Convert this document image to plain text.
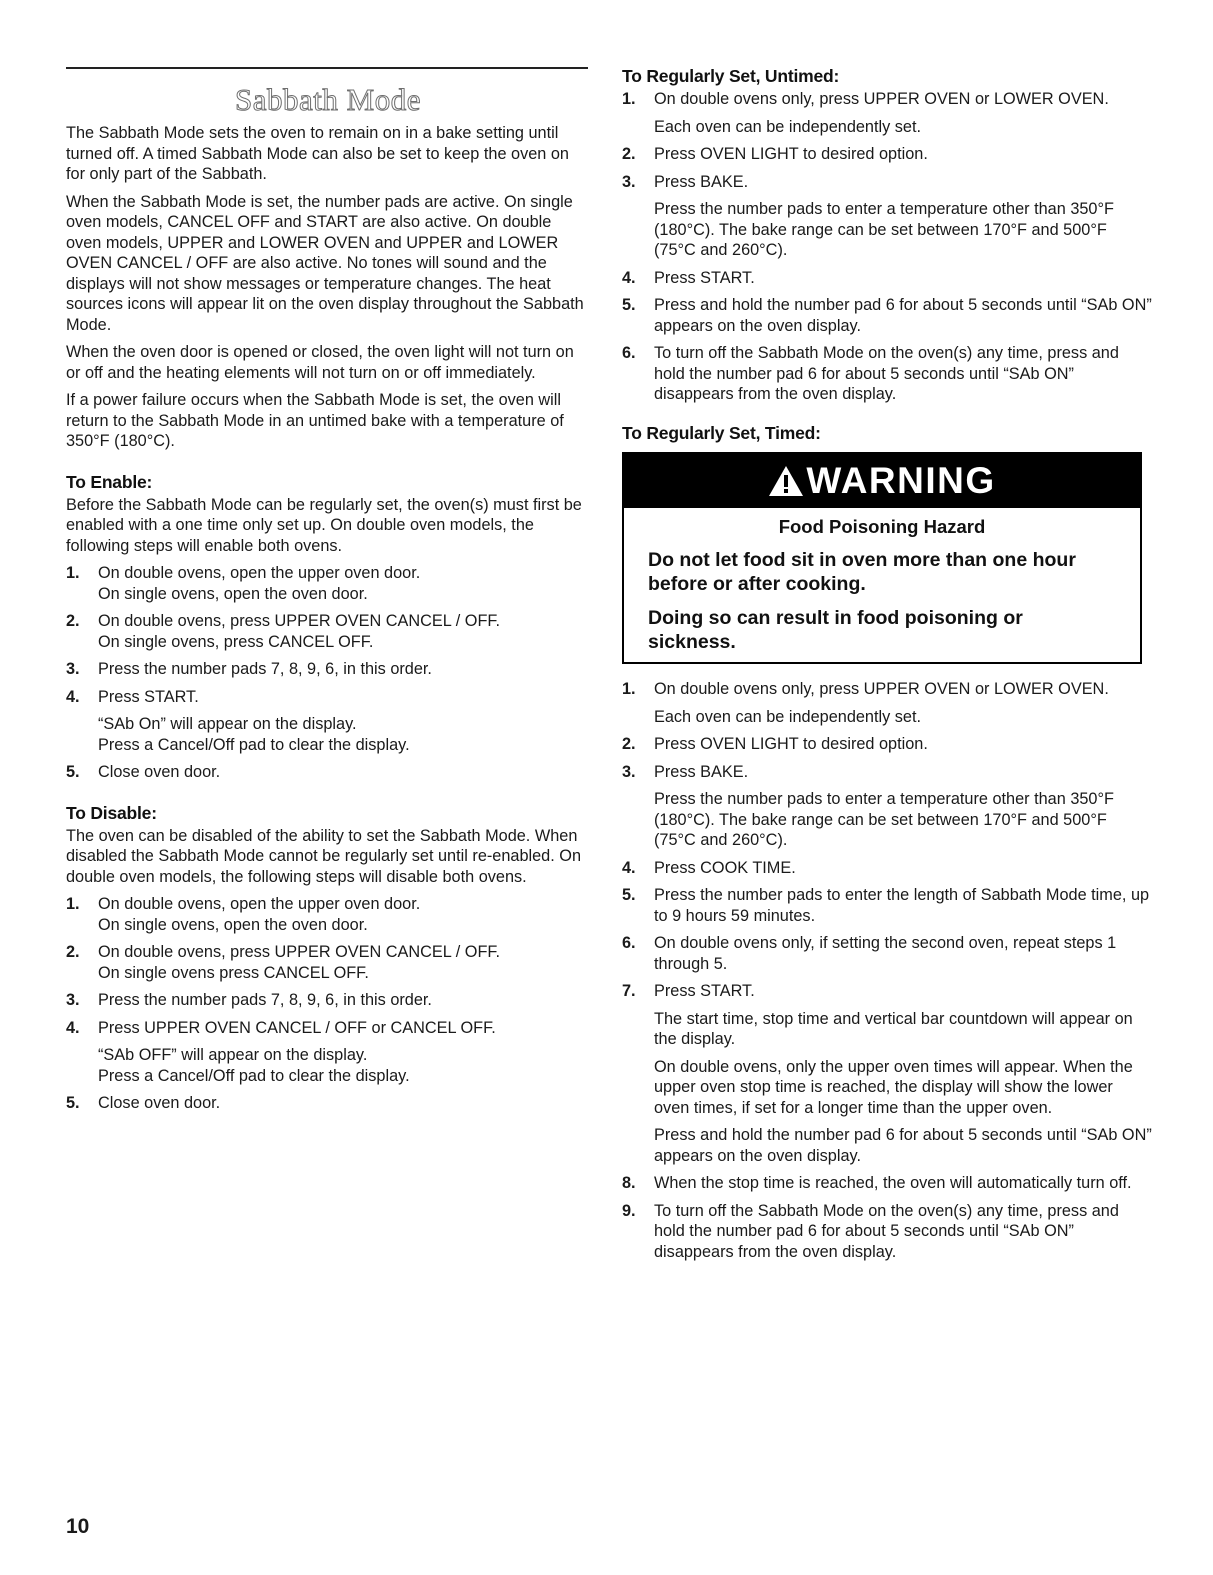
Sabbath Mode

The Sabbath Mode sets the oven to remain on in a bake setting until turned off. A timed Sabbath Mode can also be set to keep the oven on for only part of the Sabbath.

When the Sabbath Mode is set, the number pads are active. On single oven models, CANCEL OFF and START are also active. On double oven models, UPPER and LOWER OVEN and UPPER and LOWER OVEN CANCEL / OFF are also active. No tones will sound and the displays will not show messages or temperature changes. The heat sources icons will appear lit on the oven display throughout the Sabbath Mode.

When the oven door is opened or closed, the oven light will not turn on or off and the heating elements will not turn on or off immediately.

If a power failure occurs when the Sabbath Mode is set, the oven will return to the Sabbath Mode in an untimed bake with a temperature of 350°F (180°C).

To Enable:

Before the Sabbath Mode can be regularly set, the oven(s) must first be enabled with a one time only set up. On double oven models, the following steps will enable both ovens.

1. On double ovens, open the upper oven door.
On single ovens, open the oven door.
2. On double ovens, press UPPER OVEN CANCEL / OFF.
On single ovens, press CANCEL OFF.
3. Press the number pads 7, 8, 9, 6, in this order.
4. Press START.
“SAb On” will appear on the display.
Press a Cancel/Off pad to clear the display.
5. Close oven door.
To Disable:

The oven can be disabled of the ability to set the Sabbath Mode. When disabled the Sabbath Mode cannot be regularly set until re-enabled. On double oven models, the following steps will disable both ovens.

1. On double ovens, open the upper oven door.
On single ovens, open the oven door.
2. On double ovens, press UPPER OVEN CANCEL / OFF.
On single ovens press CANCEL OFF.
3. Press the number pads 7, 8, 9, 6, in this order.
4. Press UPPER OVEN CANCEL / OFF or CANCEL OFF.
“SAb OFF” will appear on the display.
Press a Cancel/Off pad to clear the display.
5. Close oven door.
To Regularly Set, Untimed:
1. On double ovens only, press UPPER OVEN or LOWER OVEN.
Each oven can be independently set.
2. Press OVEN LIGHT to desired option.
3. Press BAKE.
Press the number pads to enter a temperature other than 350°F (180°C). The bake range can be set between 170°F and 500°F (75°C and 260°C).
4. Press START.
5. Press and hold the number pad 6 for about 5 seconds until “SAb ON” appears on the oven display.
6. To turn off the Sabbath Mode on the oven(s) any time, press and hold the number pad 6 for about 5 seconds until “SAb ON” disappears from the oven display.
To Regularly Set, Timed:
WARNING
Food Poisoning Hazard

Do not let food sit in oven more than one hour before or after cooking.

Doing so can result in food poisoning or sickness.

1. On double ovens only, press UPPER OVEN or LOWER OVEN.
Each oven can be independently set.
2. Press OVEN LIGHT to desired option.
3. Press BAKE.
Press the number pads to enter a temperature other than 350°F (180°C). The bake range can be set between 170°F and 500°F (75°C and 260°C).
4. Press COOK TIME.
5. Press the number pads to enter the length of Sabbath Mode time, up to 9 hours 59 minutes.
6. On double ovens only, if setting the second oven, repeat steps 1 through 5.
7. Press START.
The start time, stop time and vertical bar countdown will appear on the display.
On double ovens, only the upper oven times will appear. When the upper oven stop time is reached, the display will show the lower oven times, if set for a longer time than the upper oven.
Press and hold the number pad 6 for about 5 seconds until “SAb ON” appears on the oven display.
8. When the stop time is reached, the oven will automatically turn off.
9. To turn off the Sabbath Mode on the oven(s) any time, press and hold the number pad 6 for about 5 seconds until “SAb ON” disappears from the oven display.
10
